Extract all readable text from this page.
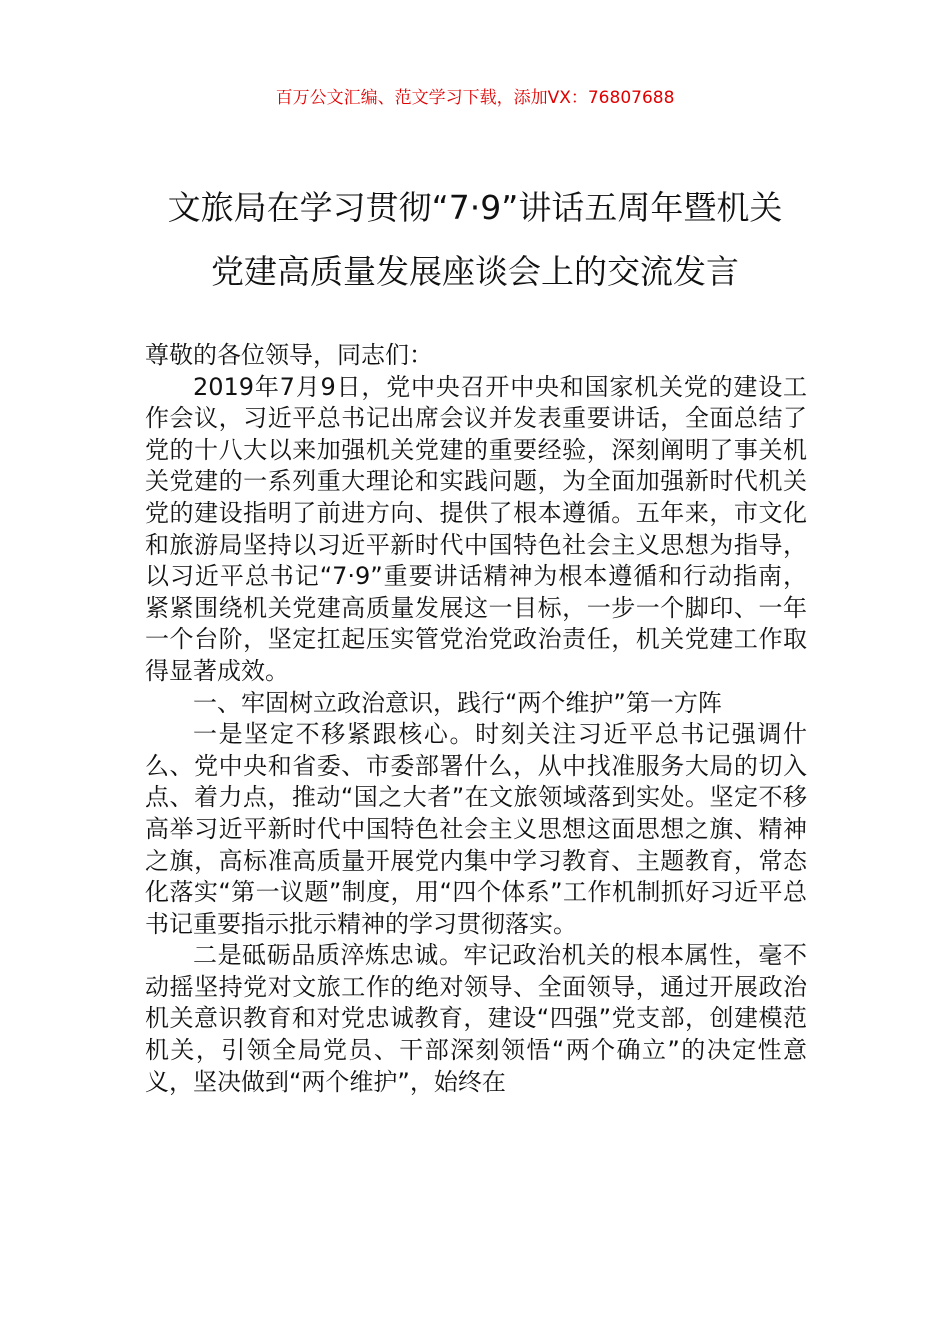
百万公文汇编、范文学习下载，添加VX：76807688
文旅局在学习贯彻“7·9”讲话五周年暨机关
党建高质量发展座谈会上的交流发言

尊敬的各位领导，同志们：

2019年7月9日，党中央召开中央和国家机关党的建设工作会议，习近平总书记出席会议并发表重要讲话，全面总结了党的十八大以来加强机关党建的重要经验，深刻阐明了事关机关党建的一系列重大理论和实践问题，为全面加强新时代机关党的建设指明了前进方向、提供了根本遵循。五年来，市文化和旅游局坚持以习近平新时代中国特色社会主义思想为指导，以习近平总书记“7·9”重要讲话精神为根本遵循和行动指南，紧紧围绕机关党建高质量发展这一目标，一步一个脚印、一年一个台阶，坚定扛起压实管党治党政治责任，机关党建工作取得显著成效。

一、牢固树立政治意识，践行“两个维护”第一方阵

一是坚定不移紧跟核心。时刻关注习近平总书记强调什么、党中央和省委、市委部署什么，从中找准服务大局的切入点、着力点，推动“国之大者”在文旅领域落到实处。坚定不移高举习近平新时代中国特色社会主义思想这面思想之旗、精神之旗，高标准高质量开展党内集中学习教育、主题教育，常态化落实“第一议题”制度，用“四个体系”工作机制抓好习近平总书记重要指示批示精神的学习贯彻落实。

二是砥砺品质淬炼忠诚。牢记政治机关的根本属性，毫不动摇坚持党对文旅工作的绝对领导、全面领导，通过开展政治机关意识教育和对党忠诚教育，建设“四强”党支部，创建模范机关，引领全局党员、干部深刻领悟“两个确立”的决定性意义，坚决做到“两个维护”，始终在
